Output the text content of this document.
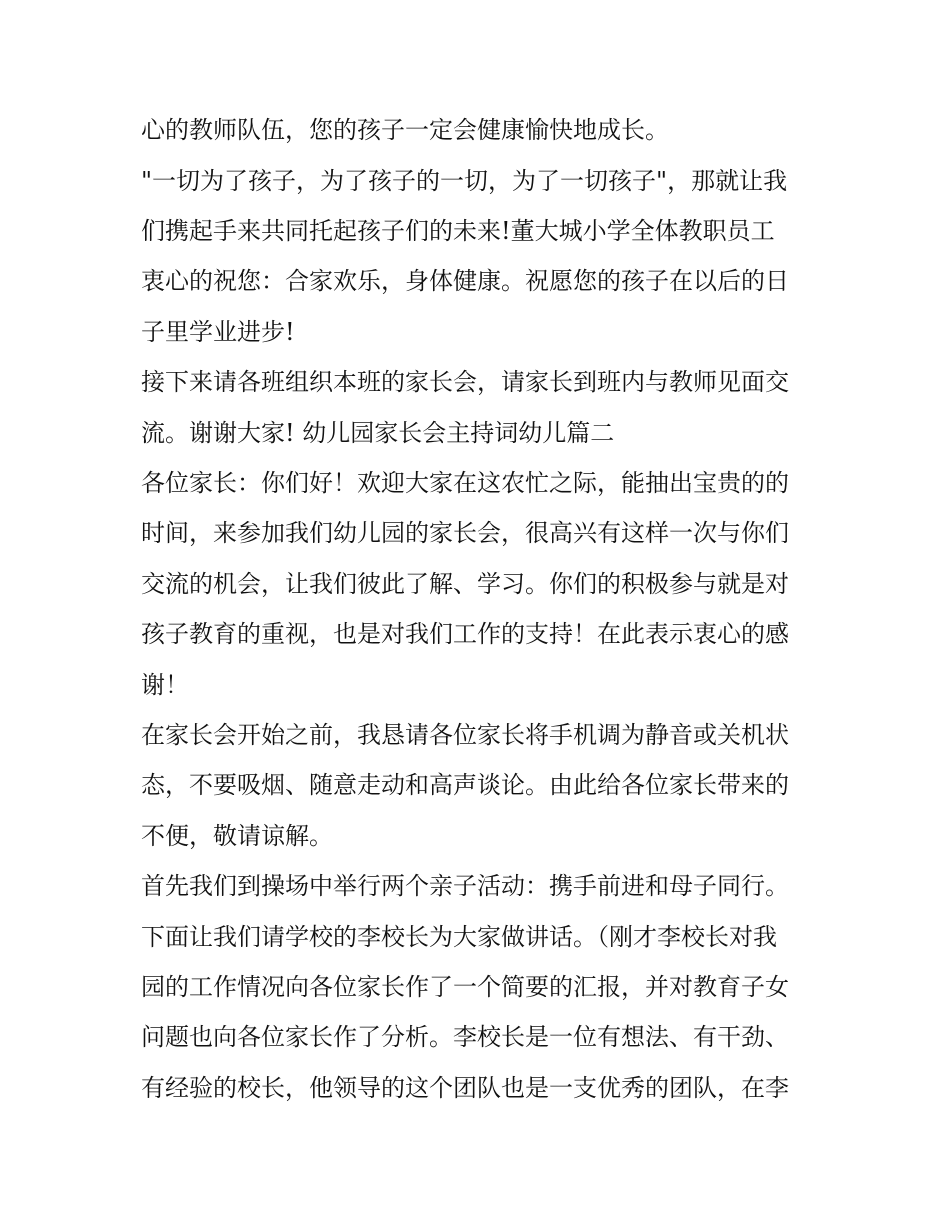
心的教师队伍，您的孩子一定会健康愉快地成长。

"一切为了孩子，为了孩子的一切，为了一切孩子"，那就让我

们携起手来共同托起孩子们的未来!董大城小学全体教职员工

衷心的祝您：合家欢乐，身体健康。祝愿您的孩子在以后的日

子里学业进步!

接下来请各班组织本班的家长会，请家长到班内与教师见面交

流。谢谢大家! 幼儿园家长会主持词幼儿篇二

各位家长：你们好！欢迎大家在这农忙之际，能抽出宝贵的的

时间，来参加我们幼儿园的家长会，很高兴有这样一次与你们

交流的机会，让我们彼此了解、学习。你们的积极参与就是对

孩子教育的重视，也是对我们工作的支持！在此表示衷心的感

谢！

在家长会开始之前，我恳请各位家长将手机调为静音或关机状

态，不要吸烟、随意走动和高声谈论。由此给各位家长带来的

不便，敬请谅解。

首先我们到操场中举行两个亲子活动：携手前进和母子同行。

下面让我们请学校的李校长为大家做讲话。（刚才李校长对我

园的工作情况向各位家长作了一个简要的汇报，并对教育子女

问题也向各位家长作了分析。李校长是一位有想法、有干劲、

有经验的校长，他领导的这个团队也是一支优秀的团队，在李
